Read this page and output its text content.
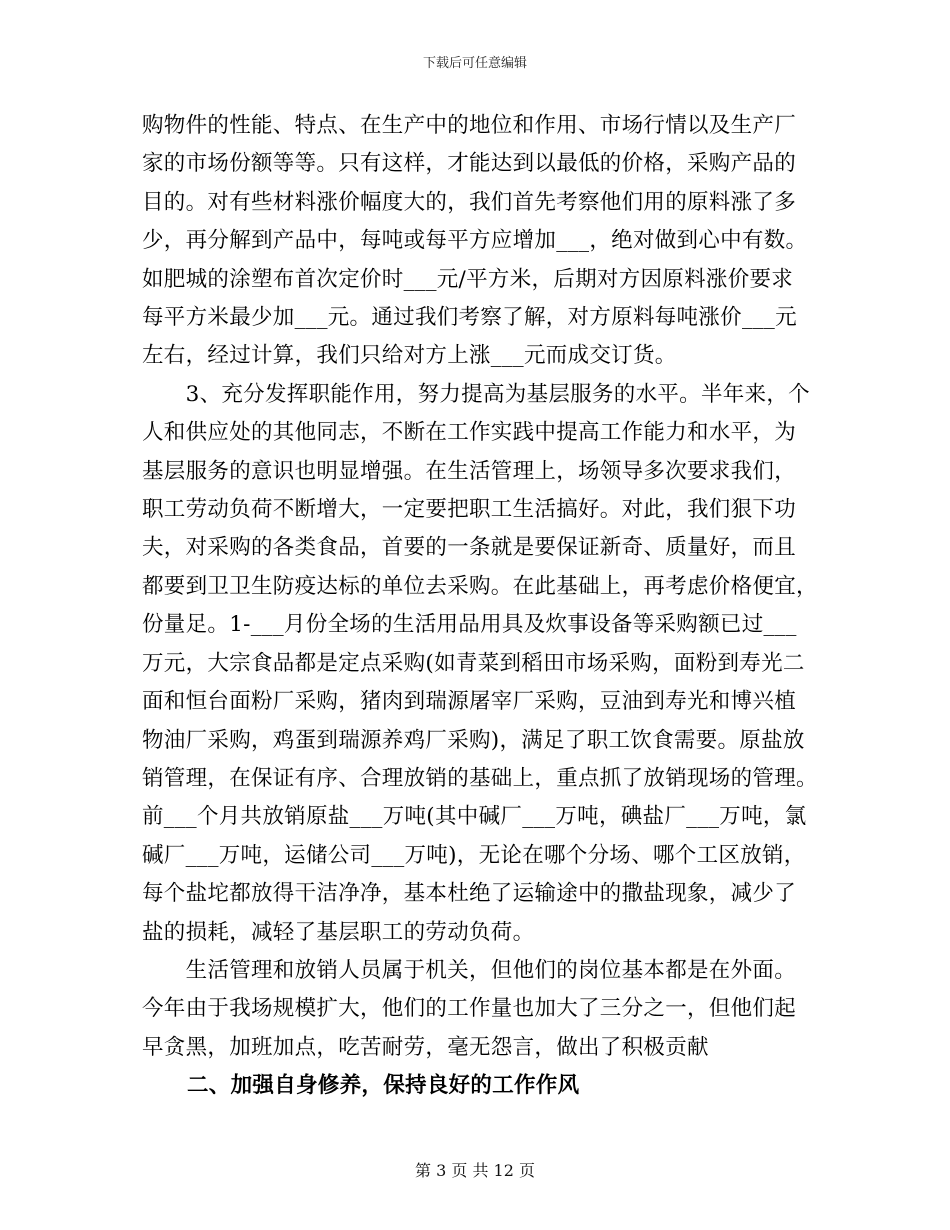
下载后可任意编辑

购物件的性能、特点、在生产中的地位和作用、市场行情以及生产厂
家的市场份额等等。只有这样，才能达到以最低的价格，采购产品的
目的。对有些材料涨价幅度大的，我们首先考察他们用的原料涨了多
少，再分解到产品中，每吨或每平方应增加___，绝对做到心中有数。
如肥城的涂塑布首次定价时___元/平方米，后期对方因原料涨价要求
每平方米最少加___元。通过我们考察了解，对方原料每吨涨价___元
左右，经过计算，我们只给对方上涨___元而成交订货。
　　3、充分发挥职能作用，努力提高为基层服务的水平。半年来，个
人和供应处的其他同志，不断在工作实践中提高工作能力和水平，为
基层服务的意识也明显增强。在生活管理上，场领导多次要求我们，
职工劳动负荷不断增大，一定要把职工生活搞好。对此，我们狠下功
夫，对采购的各类食品，首要的一条就是要保证新奇、质量好，而且
都要到卫卫生防疫达标的单位去采购。在此基础上，再考虑价格便宜，
份量足。1-___月份全场的生活用品用具及炊事设备等采购额已过___
万元，大宗食品都是定点采购(如青菜到稻田市场采购，面粉到寿光二
面和恒台面粉厂采购，猪肉到瑞源屠宰厂采购，豆油到寿光和博兴植
物油厂采购，鸡蛋到瑞源养鸡厂采购)，满足了职工饮食需要。原盐放
销管理，在保证有序、合理放销的基础上，重点抓了放销现场的管理。
前___个月共放销原盐___万吨(其中碱厂___万吨，碘盐厂___万吨，氯
碱厂___万吨，运储公司___万吨)，无论在哪个分场、哪个工区放销，
每个盐坨都放得干洁净净，基本杜绝了运输途中的撒盐现象，减少了
盐的损耗，减轻了基层职工的劳动负荷。
　　生活管理和放销人员属于机关，但他们的岗位基本都是在外面。
今年由于我场规模扩大，他们的工作量也加大了三分之一，但他们起
早贪黑，加班加点，吃苦耐劳，毫无怨言，做出了积极贡献

二、加强自身修养，保持良好的工作作风

第 3 页 共 12 页
